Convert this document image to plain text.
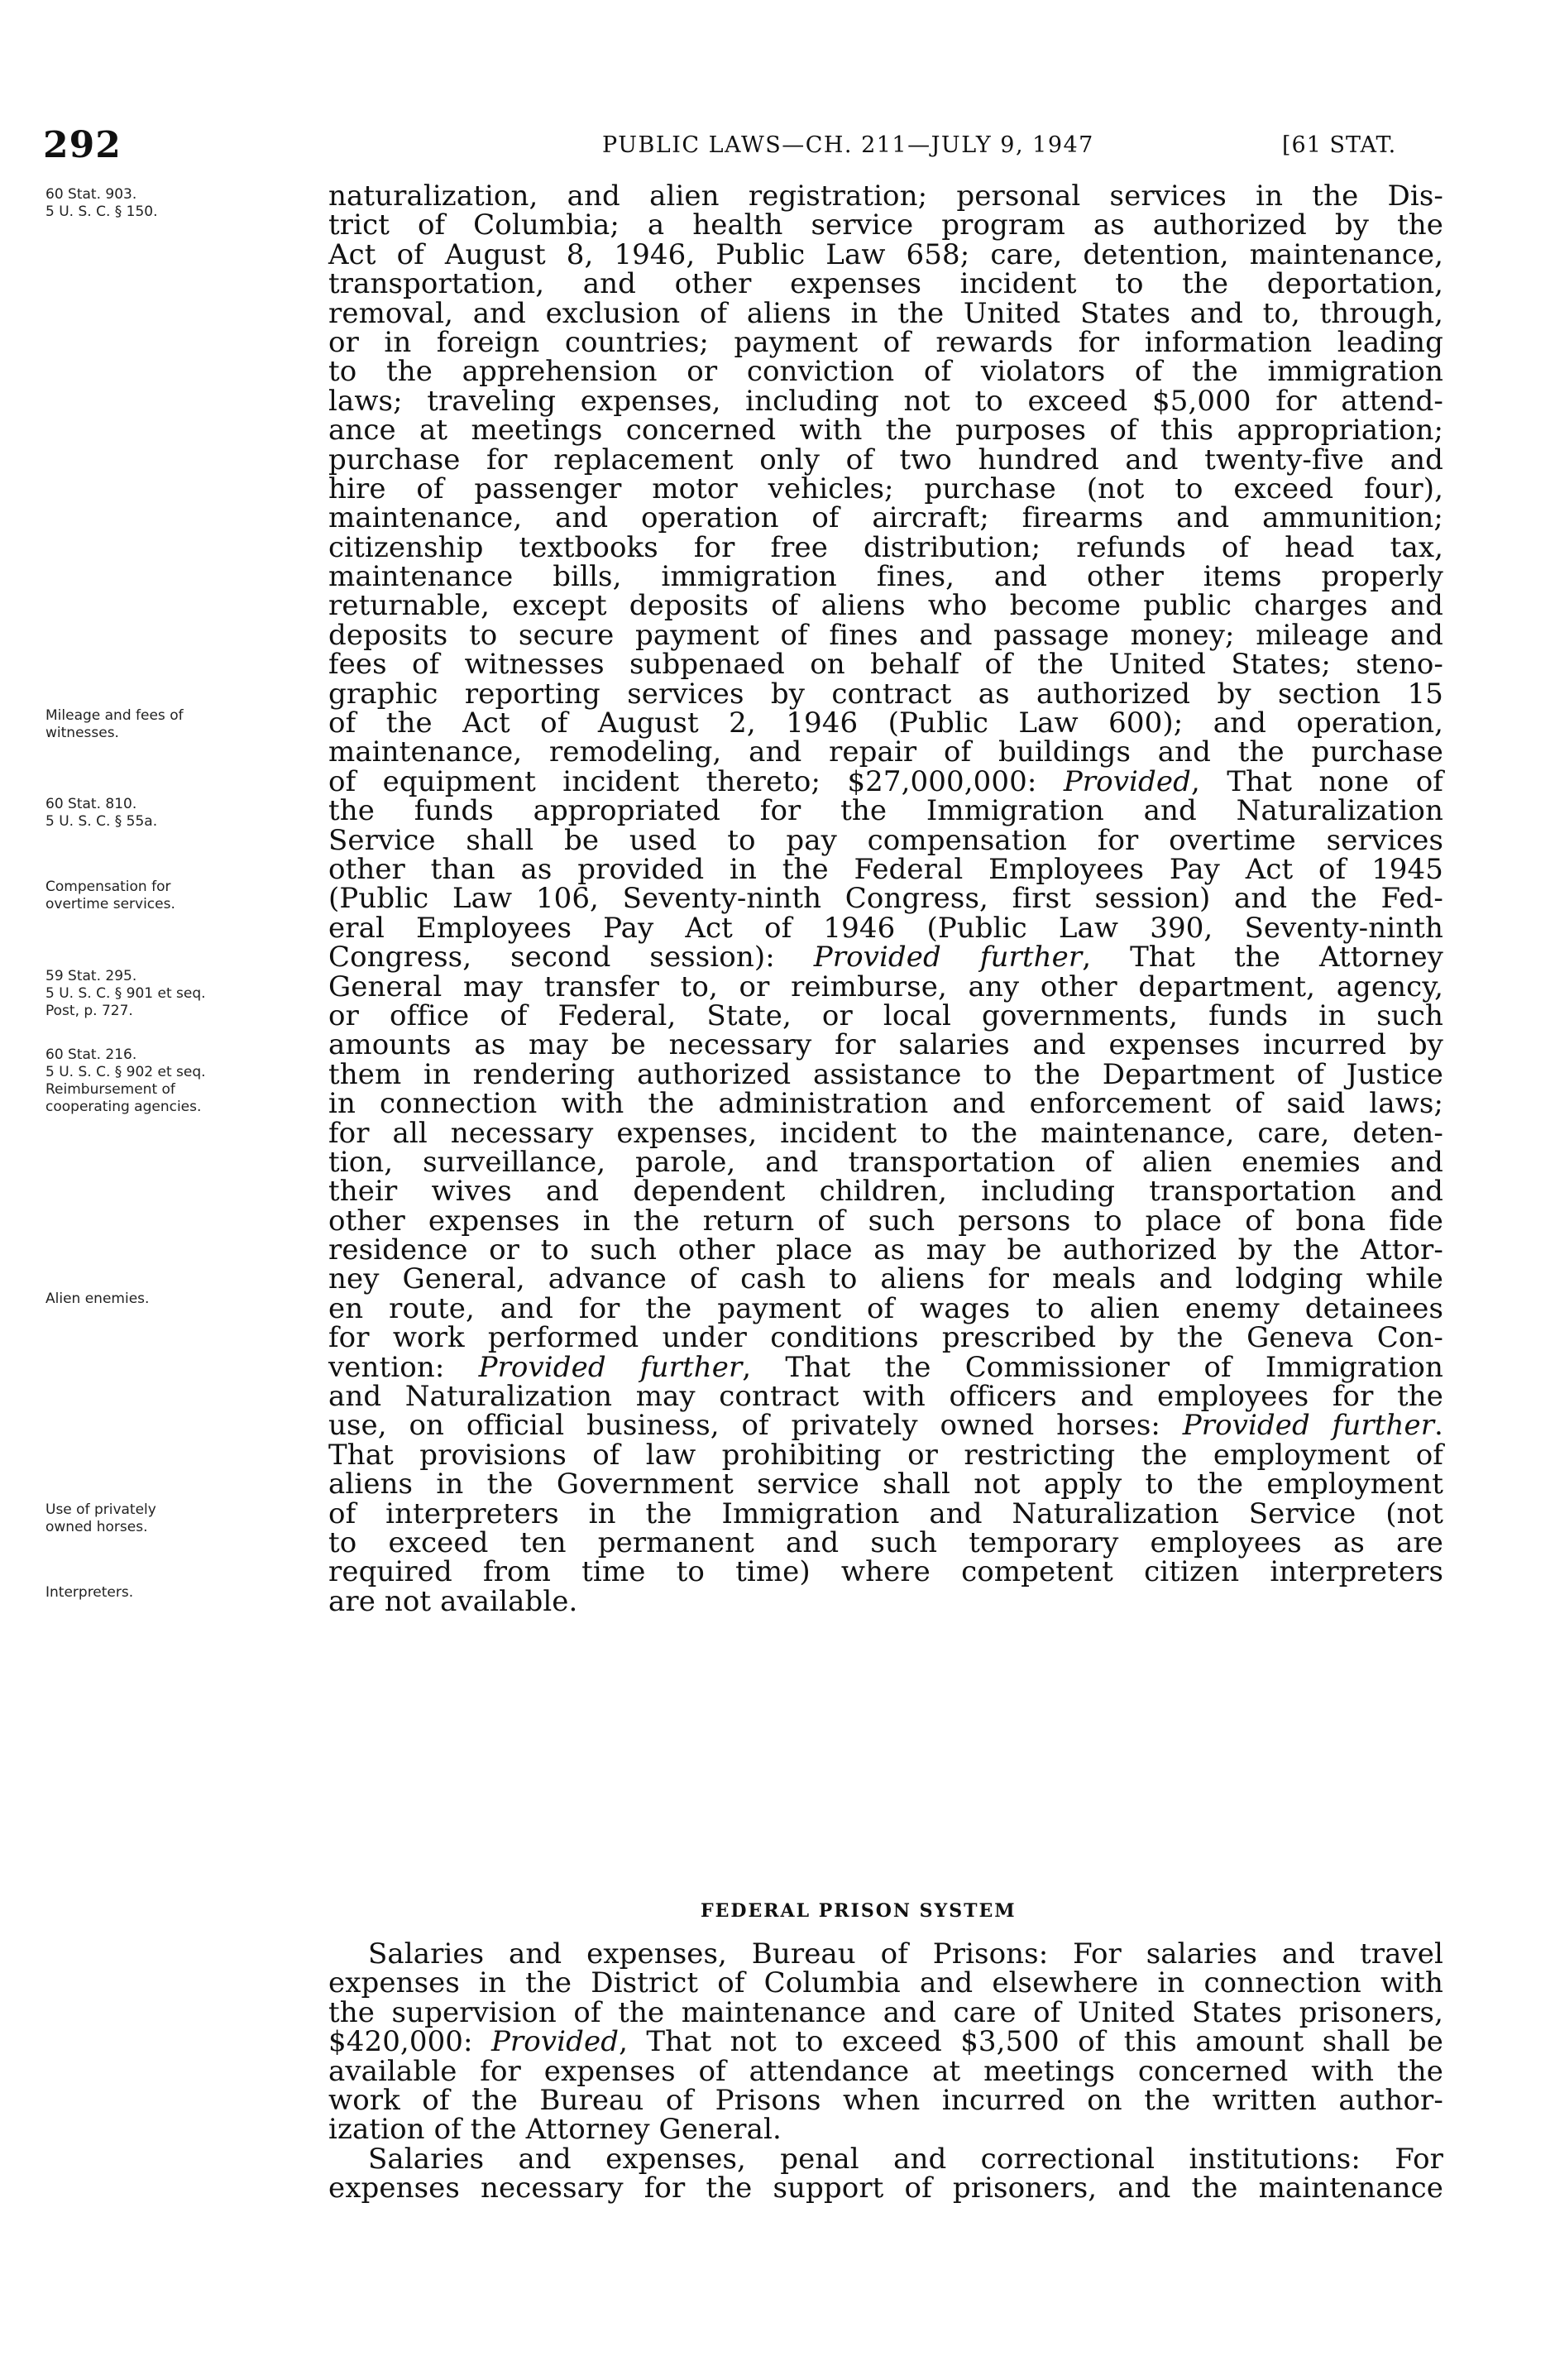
292	PUBLIC LAWS—CH. 211—JULY 9, 1947	[61 STAT.
60 Stat. 903.
5 U. S. C. § 150.
Mileage and fees of
witnesses.
60 Stat. 810.
5 U. S. C. § 55a.
Compensation for
overtime services.
59 Stat. 295.
5 U. S. C. § 901 et seq.
Post, p. 727.
60 Stat. 216.
5 U. S. C. § 902 et seq.
Reimbursement of
cooperating agencies.
Alien enemies.
Use of privately
owned horses.
Interpreters.
naturalization, and alien registration; personal services in the Dis-
trict of Columbia; a health service program as authorized by the
Act of August 8, 1946, Public Law 658; care, detention, maintenance,
transportation, and other expenses incident to the deportation,
removal, and exclusion of aliens in the United States and to, through,
or in foreign countries; payment of rewards for information leading
to the apprehension or conviction of violators of the immigration
laws; traveling expenses, including not to exceed $5,000 for attend-
ance at meetings concerned with the purposes of this appropriation;
purchase for replacement only of two hundred and twenty-five and
hire of passenger motor vehicles; purchase (not to exceed four),
maintenance, and operation of aircraft; firearms and ammunition;
citizenship textbooks for free distribution; refunds of head tax,
maintenance bills, immigration fines, and other items properly
returnable, except deposits of aliens who become public charges and
deposits to secure payment of fines and passage money; mileage and
fees of witnesses subpenaed on behalf of the United States; steno-
graphic reporting services by contract as authorized by section 15
of the Act of August 2, 1946 (Public Law 600); and operation,
maintenance, remodeling, and repair of buildings and the purchase
of equipment incident thereto; $27,000,000: Provided, That none of
the funds appropriated for the Immigration and Naturalization
Service shall be used to pay compensation for overtime services
other than as provided in the Federal Employees Pay Act of 1945
(Public Law 106, Seventy-ninth Congress, first session) and the Fed-
eral Employees Pay Act of 1946 (Public Law 390, Seventy-ninth
Congress, second session): Provided further, That the Attorney
General may transfer to, or reimburse, any other department, agency,
or office of Federal, State, or local governments, funds in such
amounts as may be necessary for salaries and expenses incurred by
them in rendering authorized assistance to the Department of Justice
in connection with the administration and enforcement of said laws;
for all necessary expenses, incident to the maintenance, care, deten-
tion, surveillance, parole, and transportation of alien enemies and
their wives and dependent children, including transportation and
other expenses in the return of such persons to place of bona fide
residence or to such other place as may be authorized by the Attor-
ney General, advance of cash to aliens for meals and lodging while
en route, and for the payment of wages to alien enemy detainees
for work performed under conditions prescribed by the Geneva Con-
vention: Provided further, That the Commissioner of Immigration
and Naturalization may contract with officers and employees for the
use, on official business, of privately owned horses: Provided further.
That provisions of law prohibiting or restricting the employment of
aliens in the Government service shall not apply to the employment
of interpreters in the Immigration and Naturalization Service (not
to exceed ten permanent and such temporary employees as are
required from time to time) where competent citizen interpreters
are not available.
FEDERAL PRISON SYSTEM
Salaries and expenses, Bureau of Prisons: For salaries and travel
expenses in the District of Columbia and elsewhere in connection with
the supervision of the maintenance and care of United States prisoners,
$420,000: Provided, That not to exceed $3,500 of this amount shall be
available for expenses of attendance at meetings concerned with the
work of the Bureau of Prisons when incurred on the written author-
ization of the Attorney General.
Salaries and expenses, penal and correctional institutions: For
expenses necessary for the support of prisoners, and the maintenance
